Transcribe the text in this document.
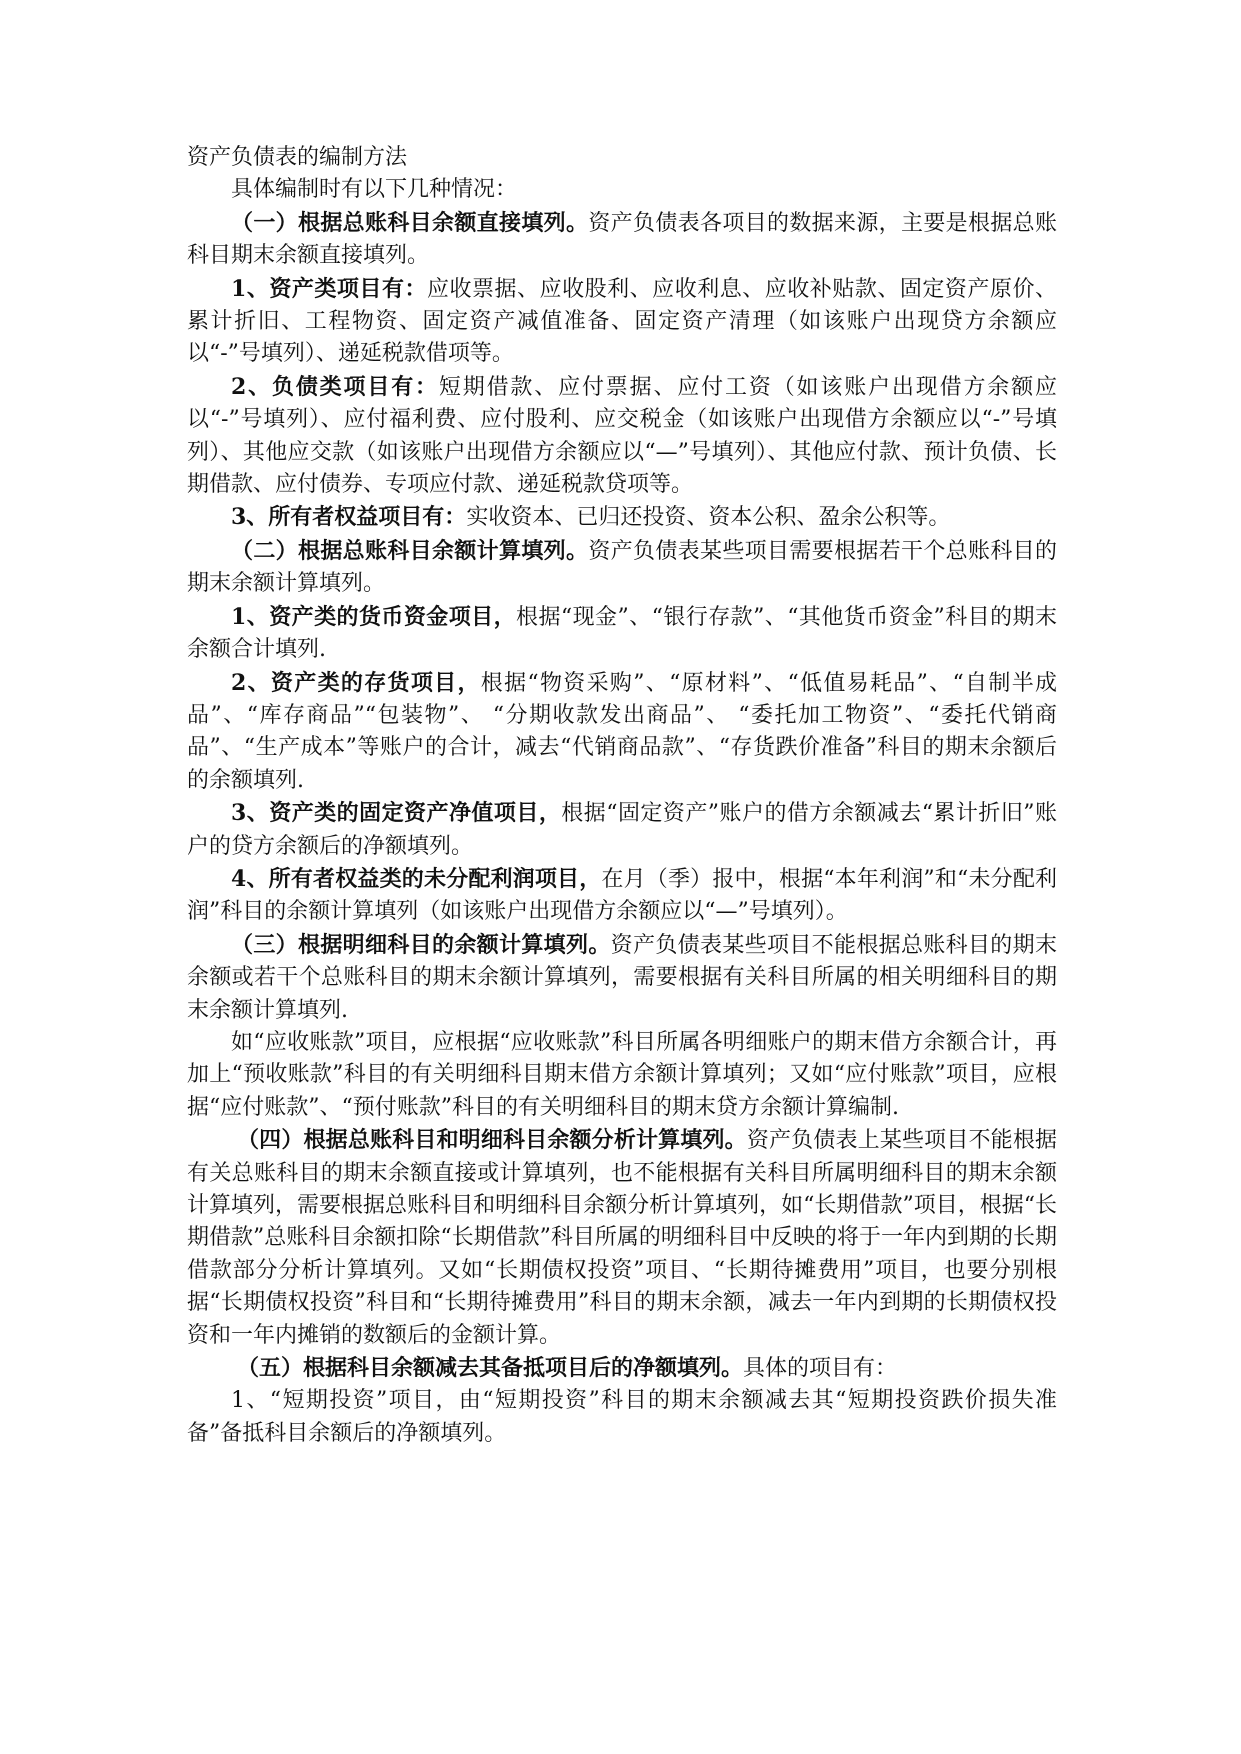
资产负债表的编制方法

具体编制时有以下几种情况：

（一）根据总账科目余额直接填列。资产负债表各项目的数据来源，主要是根据总账科目期末余额直接填列。

1、资产类项目有：应收票据、应收股利、应收利息、应收补贴款、固定资产原价、累计折旧、工程物资、固定资产减值准备、固定资产清理（如该账户出现贷方余额应以“-”号填列）、递延税款借项等。

2、负债类项目有：短期借款、应付票据、应付工资（如该账户出现借方余额应以“-”号填列）、应付福利费、应付股利、应交税金（如该账户出现借方余额应以“-”号填列）、其他应交款（如该账户出现借方余额应以“—”号填列）、其他应付款、预计负债、长期借款、应付债券、专项应付款、递延税款贷项等。

3、所有者权益项目有：实收资本、已归还投资、资本公积、盈余公积等。

（二）根据总账科目余额计算填列。资产负债表某些项目需要根据若干个总账科目的期末余额计算填列。

1、资产类的货币资金项目，根据“现金”、“银行存款”、“其他货币资金”科目的期末余额合计填列.

2、资产类的存货项目，根据“物资采购”、“原材料”、“低值易耗品”、“自制半成品”、“库存商品”“包装物”、 “分期收款发出商品”、 “委托加工物资”、“委托代销商品”、“生产成本”等账户的合计，减去“代销商品款”、“存货跌价准备”科目的期末余额后的余额填列.

3、资产类的固定资产净值项目，根据“固定资产”账户的借方余额减去“累计折旧”账户的贷方余额后的净额填列。

4、所有者权益类的未分配利润项目，在月（季）报中，根据“本年利润”和“未分配利润”科目的余额计算填列（如该账户出现借方余额应以“—”号填列）。

（三）根据明细科目的余额计算填列。资产负债表某些项目不能根据总账科目的期末余额或若干个总账科目的期末余额计算填列，需要根据有关科目所属的相关明细科目的期末余额计算填列.

如“应收账款”项目，应根据“应收账款”科目所属各明细账户的期末借方余额合计，再加上“预收账款”科目的有关明细科目期末借方余额计算填列；又如“应付账款”项目，应根据“应付账款”、“预付账款”科目的有关明细科目的期末贷方余额计算编制.

（四）根据总账科目和明细科目余额分析计算填列。资产负债表上某些项目不能根据有关总账科目的期末余额直接或计算填列，也不能根据有关科目所属明细科目的期末余额计算填列，需要根据总账科目和明细科目余额分析计算填列，如“长期借款”项目，根据“长期借款”总账科目余额扣除“长期借款”科目所属的明细科目中反映的将于一年内到期的长期借款部分分析计算填列。又如“长期债权投资”项目、“长期待摊费用”项目，也要分别根据“长期债权投资”科目和“长期待摊费用”科目的期末余额，减去一年内到期的长期债权投资和一年内摊销的数额后的金额计算。

（五）根据科目余额减去其备抵项目后的净额填列。具体的项目有：

1、“短期投资”项目，由“短期投资”科目的期末余额减去其“短期投资跌价损失准备”备抵科目余额后的净额填列。
